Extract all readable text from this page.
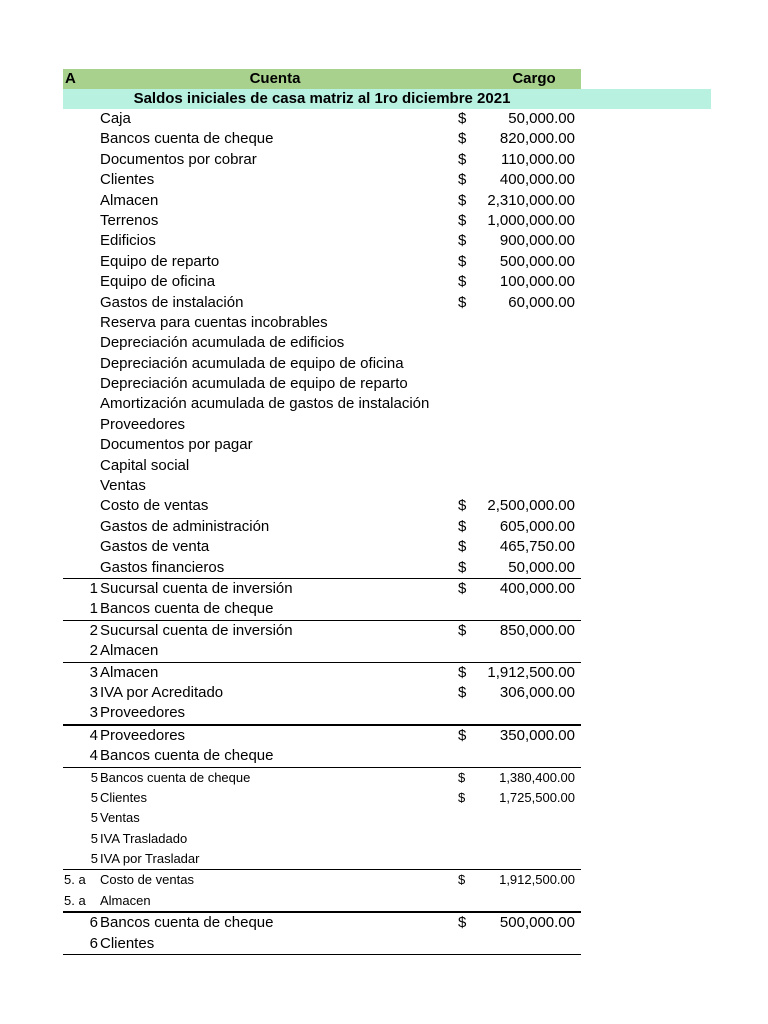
A	Cuenta	Cargo
Saldos iniciales de casa matriz al 1ro diciembre 2021
Caja	$	50,000.00
Bancos cuenta de cheque	$ 820,000.00
Documentos por cobrar	$ 110,000.00
Clientes	$ 400,000.00
Almacen	$ 2,310,000.00
Terrenos	$ 1,000,000.00
Edificios	$ 900,000.00
Equipo de reparto	$ 500,000.00
Equipo de oficina	$ 100,000.00
Gastos de instalación	$	60,000.00
Reserva para cuentas incobrables
Depreciación acumulada de edificios
Depreciación acumulada de equipo de oficina
Depreciación acumulada de equipo de reparto
Amortización acumulada de gastos de instalación
Proveedores
Documentos por pagar
Capital social
Ventas
Costo de ventas	$ 2,500,000.00
Gastos de administración	$ 605,000.00
Gastos de venta	$ 465,750.00
Gastos financieros	$	50,000.00
1 Sucursal cuenta de inversión	$ 400,000.00
1 Bancos cuenta de cheque
2 Sucursal cuenta de inversión	$ 850,000.00
2 Almacen
3 Almacen	$ 1,912,500.00
3 IVA por Acreditado	$ 306,000.00
3 Proveedores
4 Proveedores	$ 350,000.00
4 Bancos cuenta de cheque
5 Bancos cuenta de cheque	$	1,380,400.00
5 Clientes	$	1,725,500.00
5 Ventas
5 IVA Trasladado
5 IVA por Trasladar
5. a Costo de ventas	$	1,912,500.00
5. a Almacen
6 Bancos cuenta de cheque	$ 500,000.00
6 Clientes
